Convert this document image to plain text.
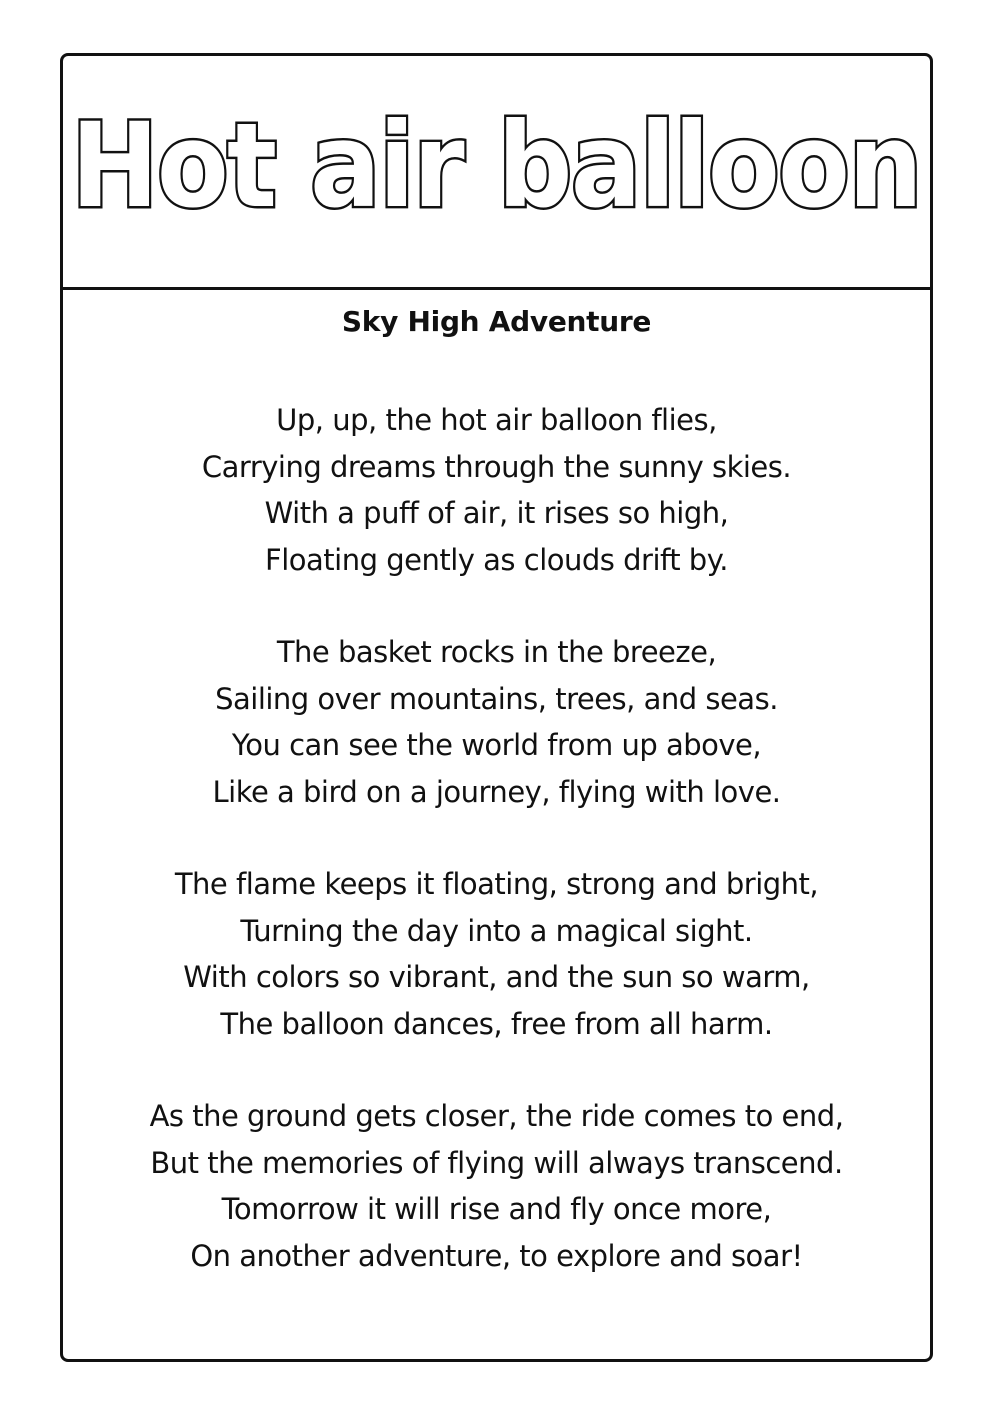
Hot air balloon
Sky High Adventure
Up, up, the hot air balloon flies,
Carrying dreams through the sunny skies.
With a puff of air, it rises so high,
Floating gently as clouds drift by.
The basket rocks in the breeze,
Sailing over mountains, trees, and seas.
You can see the world from up above,
Like a bird on a journey, flying with love.
The flame keeps it floating, strong and bright,
Turning the day into a magical sight.
With colors so vibrant, and the sun so warm,
The balloon dances, free from all harm.
As the ground gets closer, the ride comes to end,
But the memories of flying will always transcend.
Tomorrow it will rise and fly once more,
On another adventure, to explore and soar!
